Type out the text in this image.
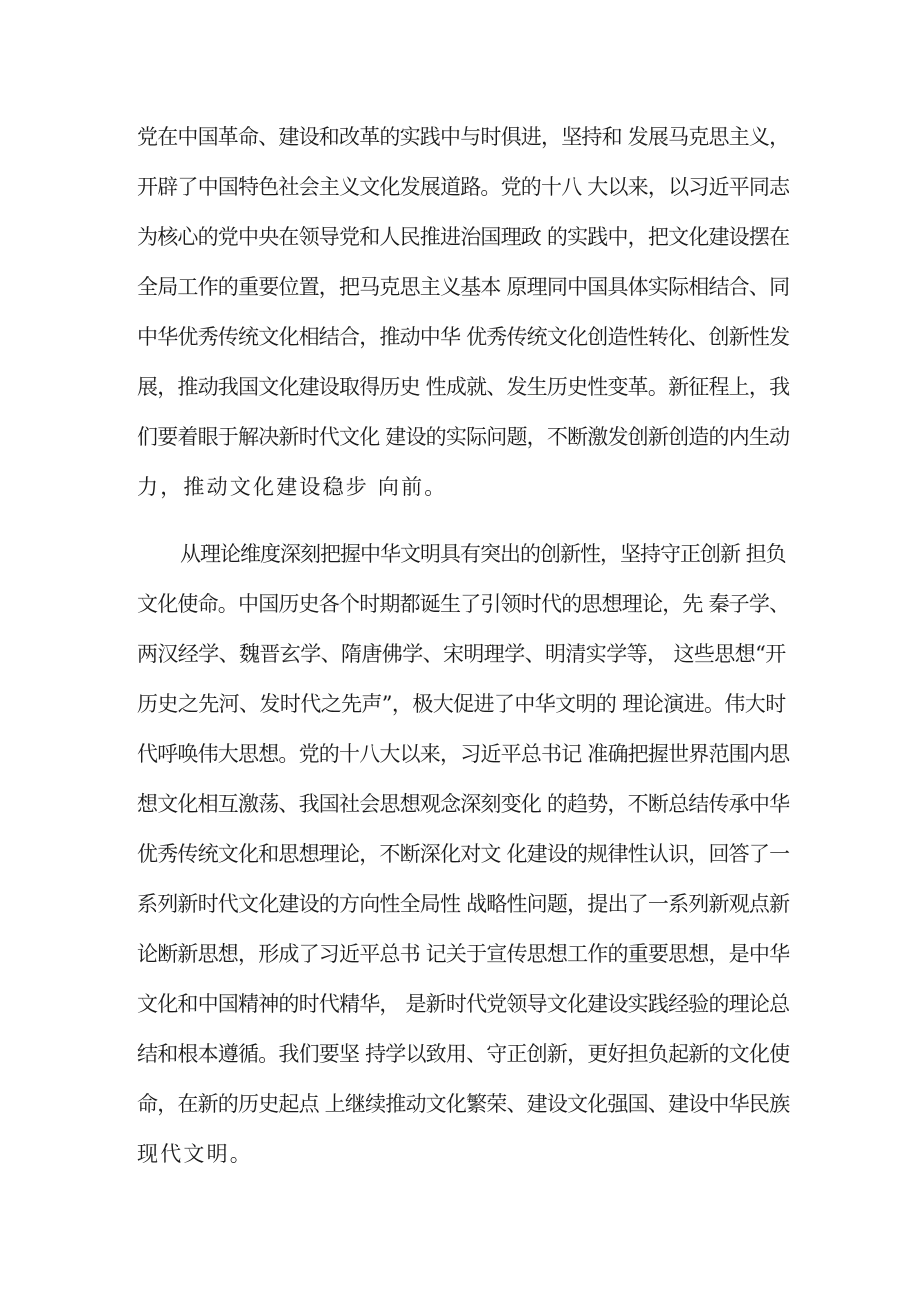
党在中国革命、建设和改革的实践中与时俱进，坚持和 发展马克思主义，
开辟了中国特色社会主义文化发展道路。党的十八 大以来，以习近平同志
为核心的党中央在领导党和人民推进治国理政 的实践中，把文化建设摆在
全局工作的重要位置，把马克思主义基本 原理同中国具体实际相结合、同
中华优秀传统文化相结合，推动中华 优秀传统文化创造性转化、创新性发
展，推动我国文化建设取得历史 性成就、发生历史性变革。新征程上，我
们要着眼于解决新时代文化 建设的实际问题，不断激发创新创造的内生动
力，推动文化建设稳步 向前。
从理论维度深刻把握中华文明具有突出的创新性，坚持守正创新 担负
文化使命。中国历史各个时期都诞生了引领时代的思想理论，先 秦子学、
两汉经学、魏晋玄学、隋唐佛学、宋明理学、明清实学等， 这些思想“开
历史之先河、发时代之先声”，极大促进了中华文明的 理论演进。伟大时
代呼唤伟大思想。党的十八大以来，习近平总书记 准确把握世界范围内思
想文化相互激荡、我国社会思想观念深刻变化 的趋势，不断总结传承中华
优秀传统文化和思想理论，不断深化对文 化建设的规律性认识，回答了一
系列新时代文化建设的方向性全局性 战略性问题，提出了一系列新观点新
论断新思想，形成了习近平总书 记关于宣传思想工作的重要思想，是中华
文化和中国精神的时代精华， 是新时代党领导文化建设实践经验的理论总
结和根本遵循。我们要坚 持学以致用、守正创新，更好担负起新的文化使
命，在新的历史起点 上继续推动文化繁荣、建设文化强国、建设中华民族
现代文明。
